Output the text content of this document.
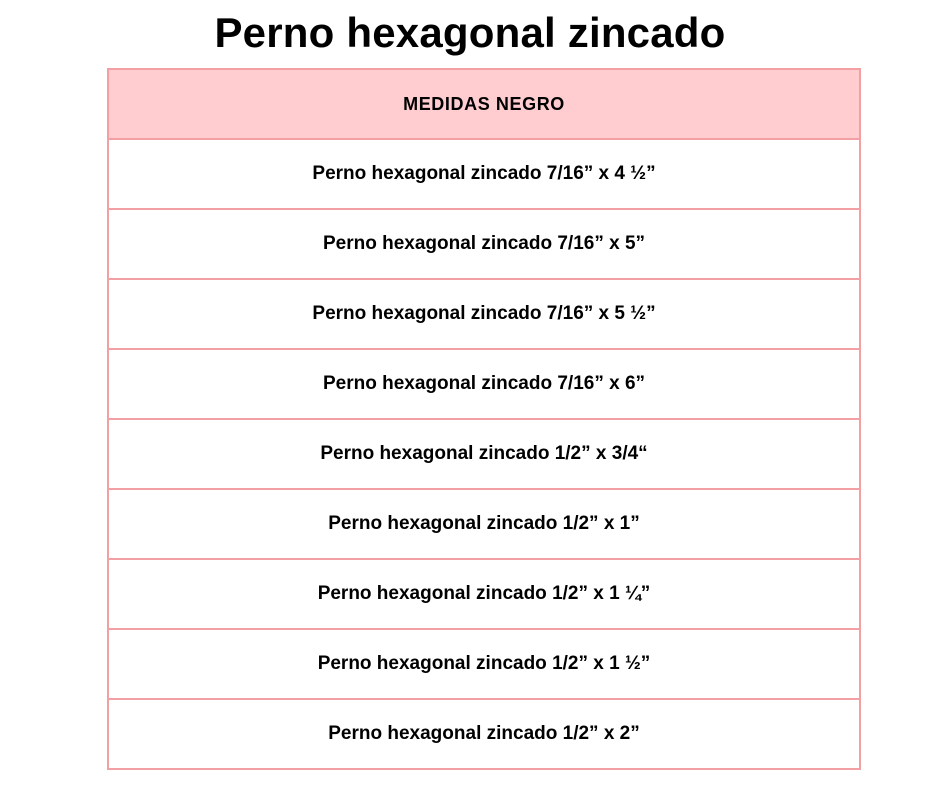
Perno hexagonal zincado
MEDIDAS NEGRO
Perno hexagonal zincado 7/16” x 4 ½”
Perno hexagonal zincado 7/16” x 5”
Perno hexagonal zincado 7/16” x 5 ½”
Perno hexagonal zincado 7/16” x 6”
Perno hexagonal zincado 1/2” x 3/4“
Perno hexagonal zincado 1/2” x 1”
Perno hexagonal zincado 1/2” x 1 ¼”
Perno hexagonal zincado 1/2” x 1 ½”
Perno hexagonal zincado 1/2” x 2”
